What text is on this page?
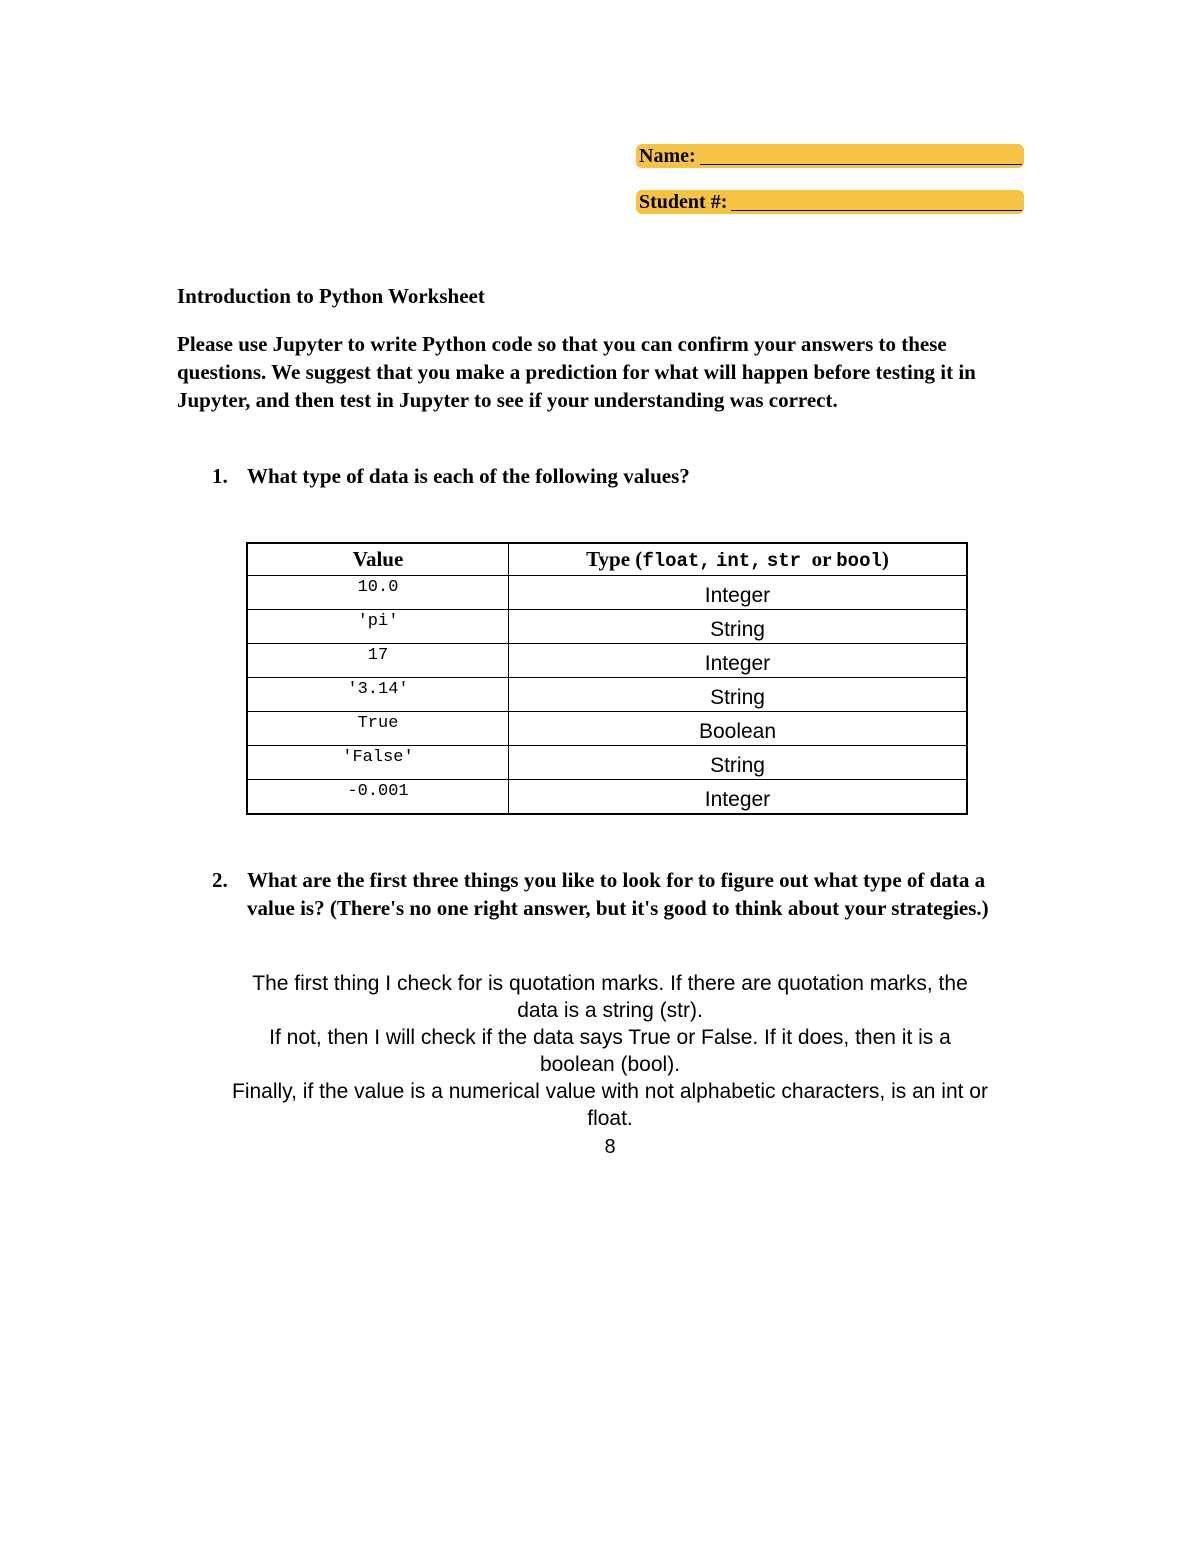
Name:
Student #:
Introduction to Python Worksheet
Please use Jupyter to write Python code so that you can confirm your answers to these questions. We suggest that you make a prediction for what will happen before testing it in Jupyter, and then test in Jupyter to see if your understanding was correct.
1. What type of data is each of the following values?
Value	Type (float, int, str or bool)
10.0	Integer
'pi'	String
17	Integer
'3.14'	String
True	Boolean
'False'	String
-0.001	Integer
2. What are the first three things you like to look for to figure out what type of data a value is? (There's no one right answer, but it's good to think about your strategies.)

The first thing I check for is quotation marks. If there are quotation marks, the data is a string (str).

If not, then I will check if the data says True or False. If it does, then it is a boolean (bool).

Finally, if the value is a numerical value with not alphabetic characters, is an int or float.

8
